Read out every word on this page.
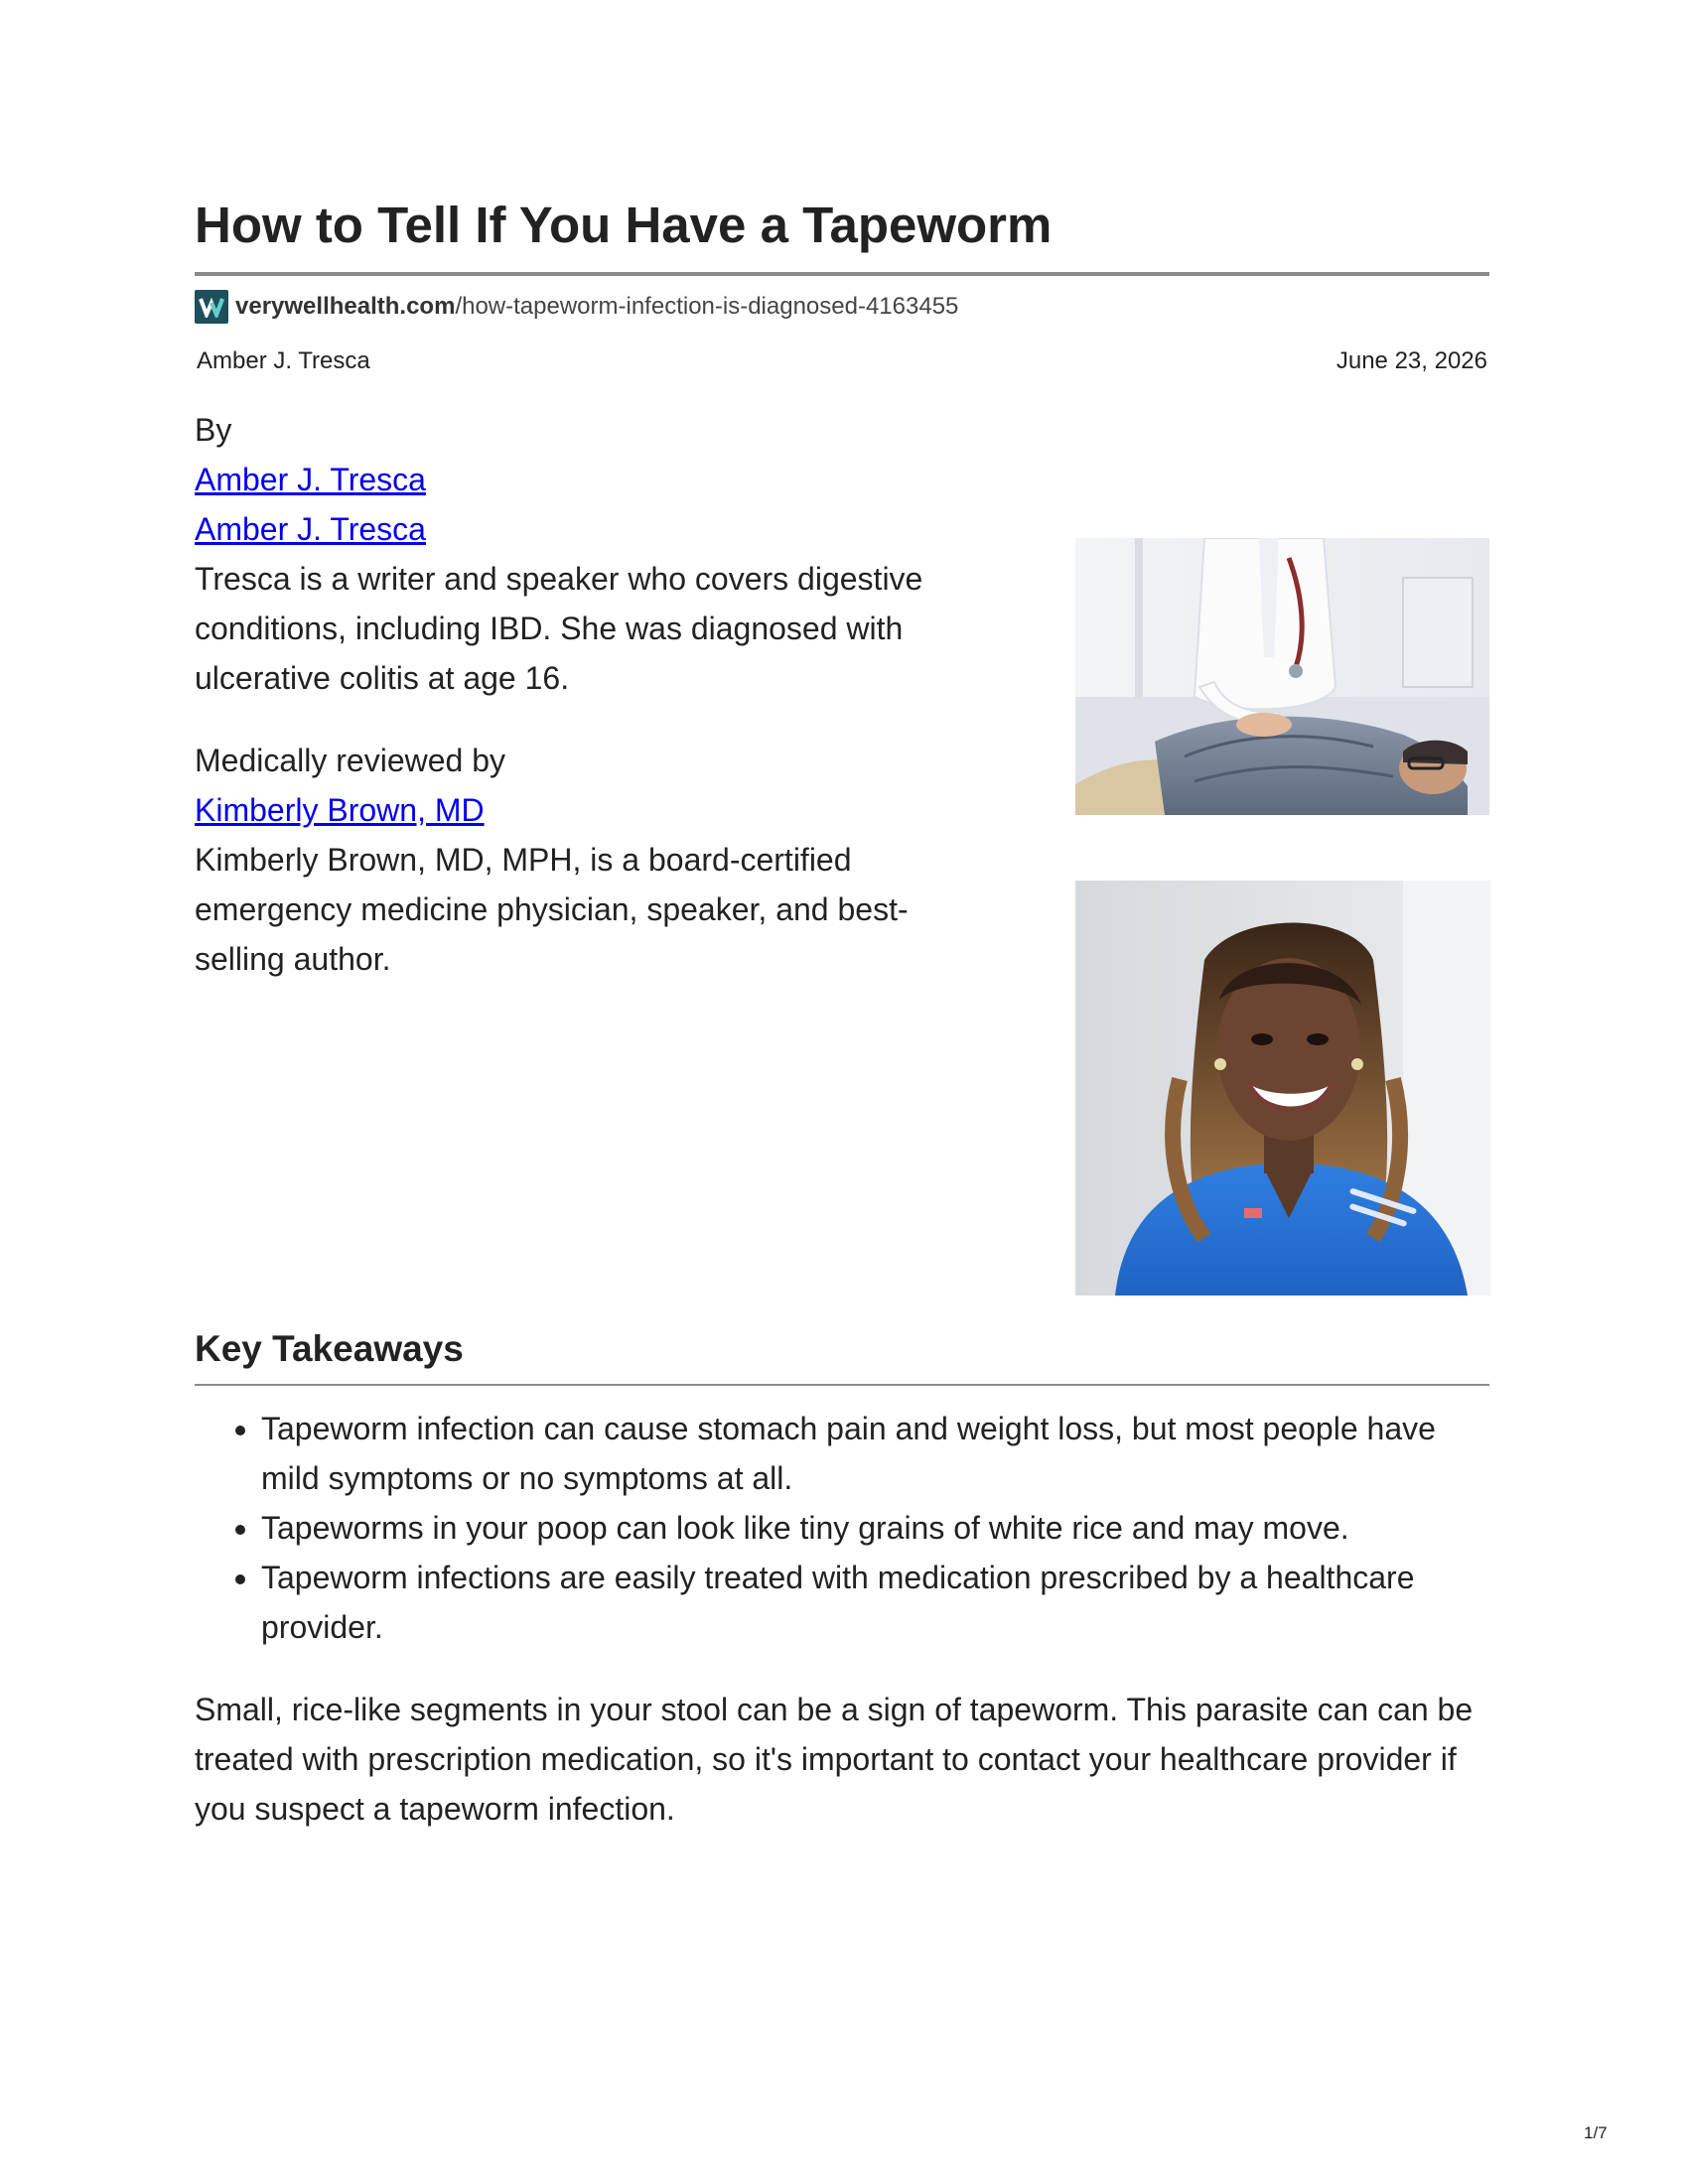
How to Tell If You Have a Tapeworm
verywellhealth.com/how-tapeworm-infection-is-diagnosed-4163455
Amber J. Tresca	June 23, 2026

By

Amber J. Tresca
Amber J. Tresca

Tresca is a writer and speaker who covers digestive conditions, including IBD. She was diagnosed with ulcerative colitis at age 16.

Medically reviewed by

Kimberly Brown, MD

Kimberly Brown, MD, MPH, is a board-certified emergency medicine physician, speaker, and best-selling author.

Key Takeaways
• Tapeworm infection can cause stomach pain and weight loss, but most people have mild symptoms or no symptoms at all.
• Tapeworms in your poop can look like tiny grains of white rice and may move.
• Tapeworm infections are easily treated with medication prescribed by a healthcare provider.

Small, rice-like segments in your stool can be a sign of tapeworm. This parasite can can be treated with prescription medication, so it's important to contact your healthcare provider if you suspect a tapeworm infection.

1/7
